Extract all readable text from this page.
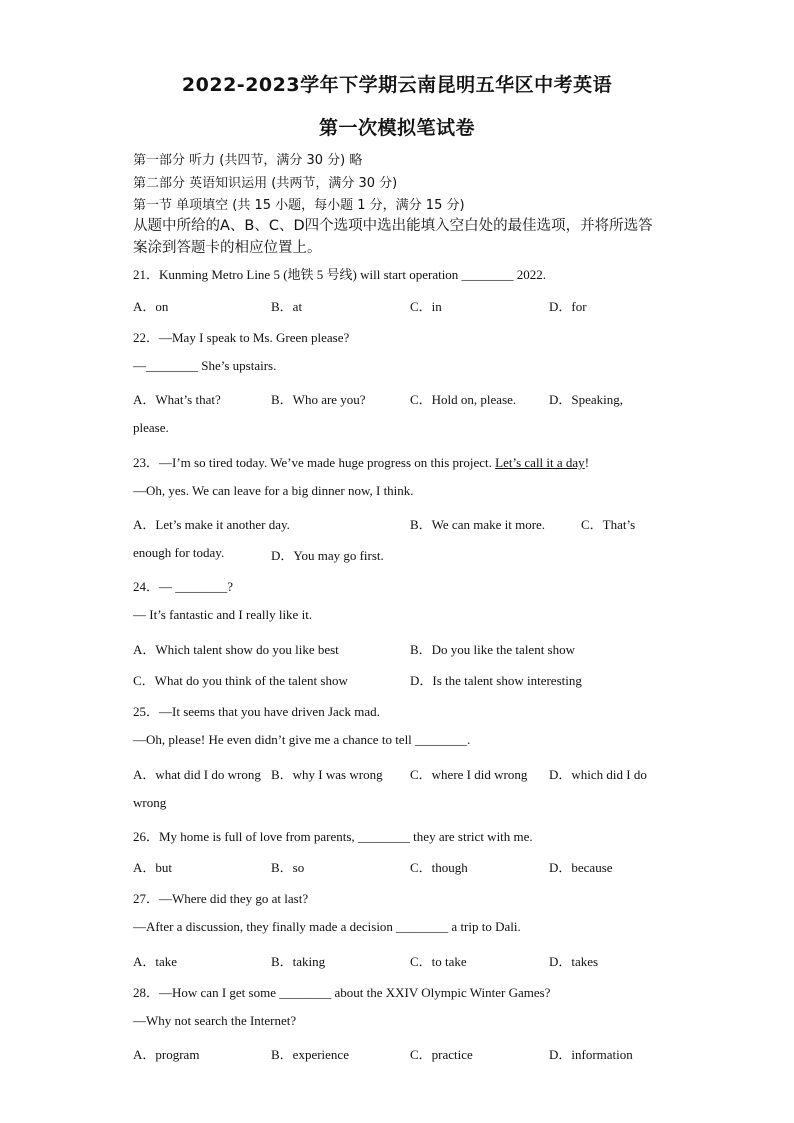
2022-2023学年下学期云南昆明五华区中考英语
第一次模拟笔试卷
第一部分 听力 (共四节，满分 30 分) 略
第二部分 英语知识运用 (共两节，满分 30 分)
第一节 单项填空 (共 15 小题，每小题 1 分，满分 15 分)
从题中所给的A、B、C、D四个选项中选出能填入空白处的最佳选项，并将所选答
案涂到答题卡的相应位置上。
21．Kunming Metro Line 5 (地铁 5 号线) will start operation ________ 2022.
A．on	B．at	C．in	D．for
22．—May I speak to Ms. Green please?
—________ She’s upstairs.
A．What’s that?	B．Who are you?	C．Hold on, please.	D．Speaking,
please.
23．—I’m so tired today. We’ve made huge progress on this project. Let’s call it a day!
—Oh, yes. We can leave for a big dinner now, I think.
A．Let’s make it another day.	B．We can make it more.	C．That’s
enough for today.	D．You may go first.
24．— ________?
— It’s fantastic and I really like it.
A．Which talent show do you like best	B．Do you like the talent show
C．What do you think of the talent show	D．Is the talent show interesting
25．—It seems that you have driven Jack mad.
—Oh, please! He even didn’t give me a chance to tell ________.
A．what did I do wrong B．why I was wrong C．where I did wrong D．which did I do
wrong
26．My home is full of love from parents, ________ they are strict with me.
A．but	B．so	C．though	D．because
27．—Where did they go at last?
—After a discussion, they finally made a decision ________ a trip to Dali.
A．take	B．taking	C．to take	D．takes
28．—How can I get some ________ about the XXIV Olympic Winter Games?
—Why not search the Internet?
A．program	B．experience	C．practice	D．information
